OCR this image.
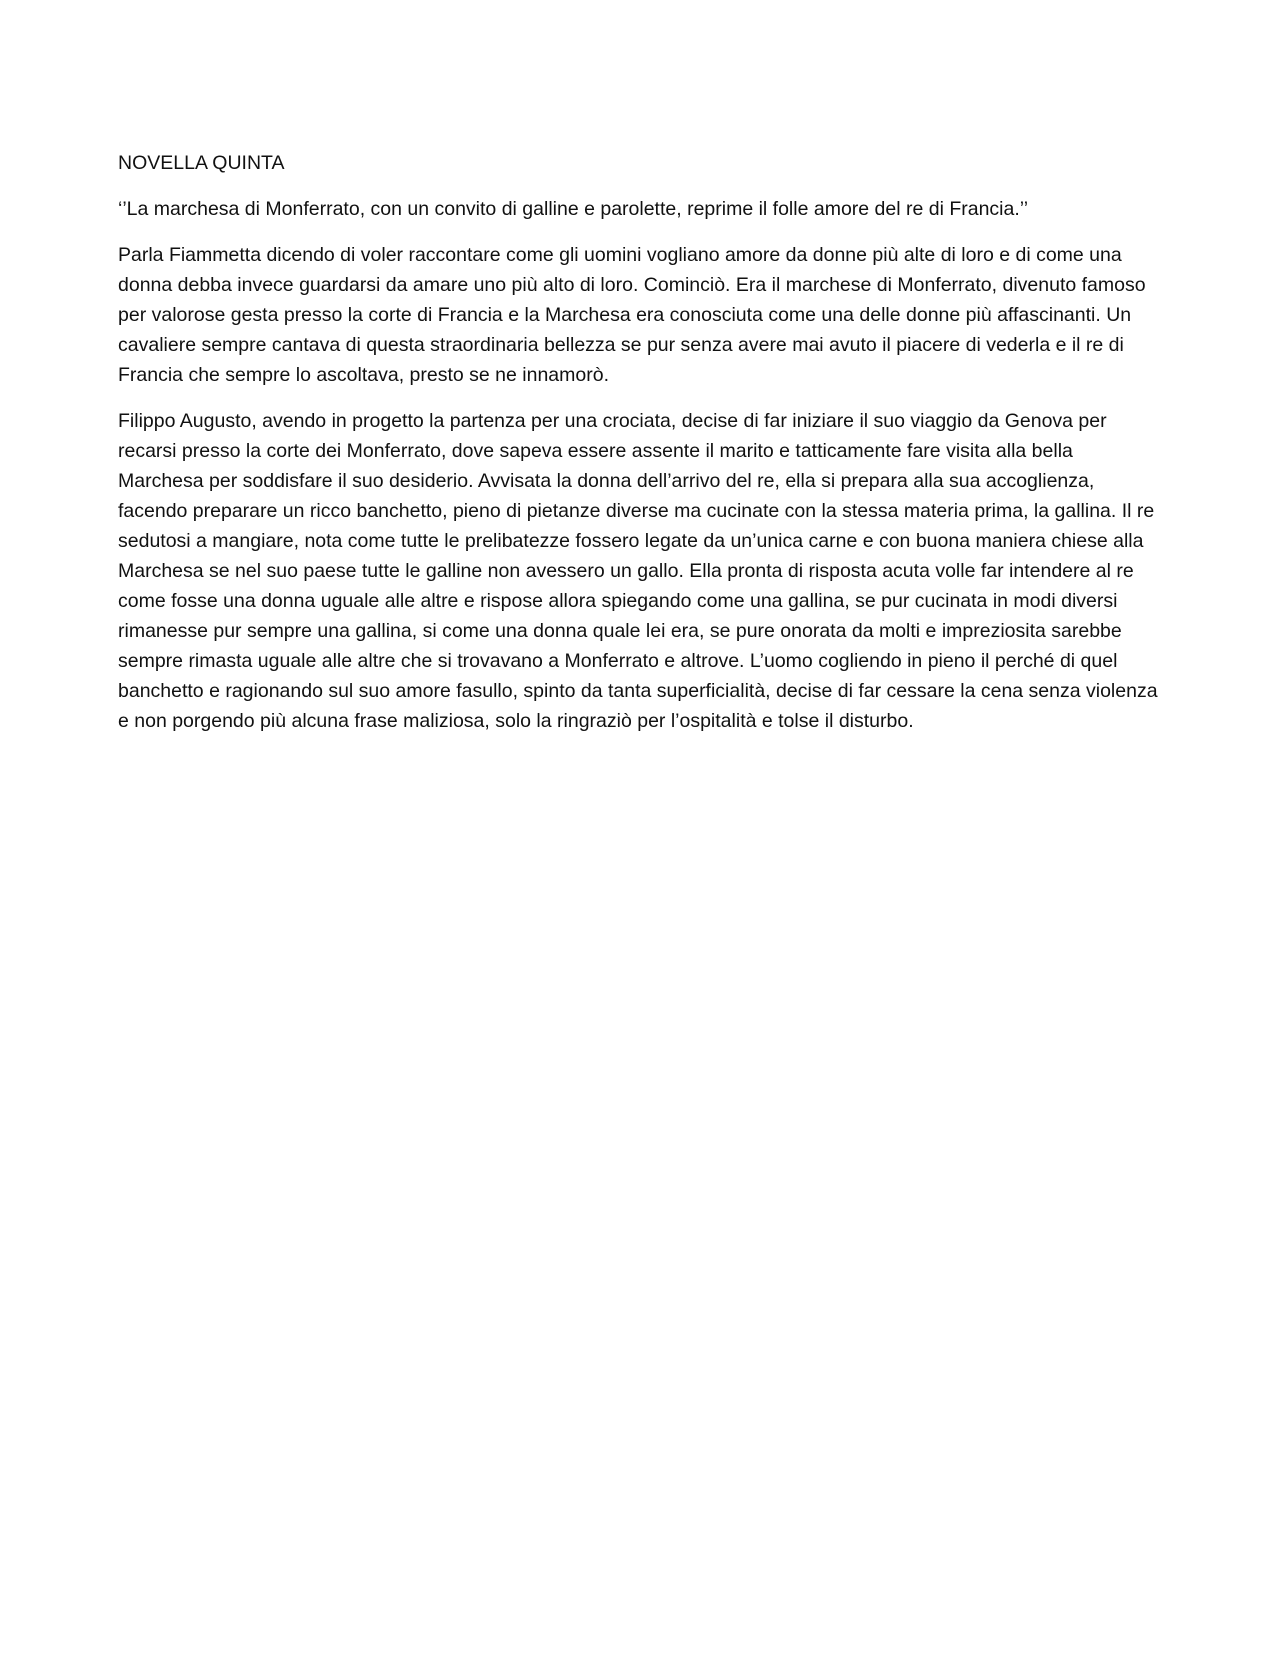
NOVELLA QUINTA

‘’La marchesa di Monferrato, con un convito di galline e parolette, reprime il folle amore del re di Francia.’’

Parla Fiammetta dicendo di voler raccontare come gli uomini vogliano amore da donne più alte di loro e di come una donna debba invece guardarsi da amare uno più alto di loro. Cominciò. Era il marchese di Monferrato, divenuto famoso per valorose gesta presso la corte di Francia e la Marchesa era conosciuta come una delle donne più affascinanti. Un cavaliere sempre cantava di questa straordinaria bellezza se pur senza avere mai avuto il piacere di vederla e il re di Francia che sempre lo ascoltava, presto se ne innamorò.

Filippo Augusto, avendo in progetto la partenza per una crociata, decise di far iniziare il suo viaggio da Genova per recarsi presso la corte dei Monferrato, dove sapeva essere assente il marito e tatticamente fare visita alla bella Marchesa per soddisfare il suo desiderio. Avvisata la donna dell’arrivo del re, ella si prepara alla sua accoglienza, facendo preparare un ricco banchetto, pieno di pietanze diverse ma cucinate con la stessa materia prima, la gallina. Il re sedutosi a mangiare, nota come tutte le prelibatezze fossero legate da un’unica carne e con buona maniera chiese alla Marchesa se nel suo paese tutte le galline non avessero un gallo. Ella pronta di risposta acuta volle far intendere al re come fosse una donna uguale alle altre e rispose allora spiegando come una gallina, se pur cucinata in modi diversi rimanesse pur sempre una gallina, si come una donna quale lei era, se pure onorata da molti e impreziosita sarebbe sempre rimasta uguale alle altre che si trovavano a Monferrato e altrove. L’uomo cogliendo in pieno il perché di quel banchetto e ragionando sul suo amore fasullo, spinto da tanta superficialità, decise di far cessare la cena senza violenza e non porgendo più alcuna frase maliziosa, solo la ringraziò per l’ospitalità e tolse il disturbo.
